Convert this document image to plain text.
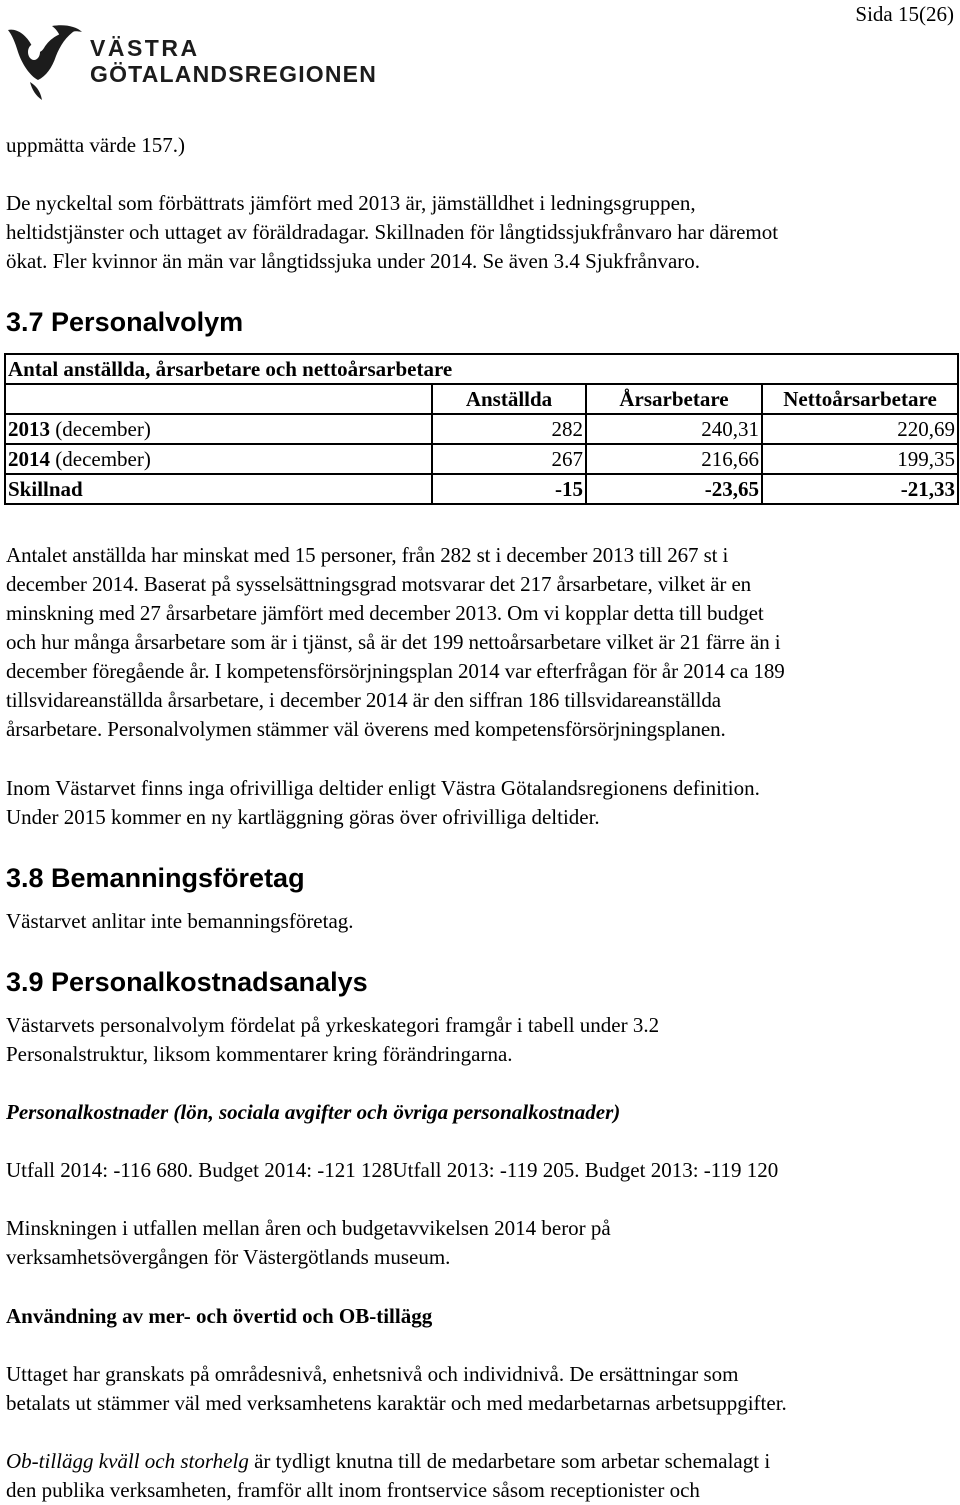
Sida 15(26)
VÄSTRA
GÖTALANDSREGIONEN

uppmätta värde 157.)

De nyckeltal som förbättrats jämfört med 2013 är, jämställdhet i ledningsgruppen,
heltidstjänster och uttaget av föräldradagar. Skillnaden för långtidssjukfrånvaro har däremot
ökat. Fler kvinnor än män var långtidssjuka under 2014. Se även 3.4 Sjukfrånvaro.
3.7 Personalvolym
Antal anställda, årsarbetare och nettoårsarbetare			
	Anställda	Årsarbetare	Nettoårsarbetare
2013 (december)	282	240,31	220,69
2014 (december)	267	216,66	199,35
Skillnad	-15	-23,65	-21,33
Antalet anställda har minskat med 15 personer, från 282 st i december 2013 till 267 st i
december 2014. Baserat på sysselsättningsgrad motsvarar det 217 årsarbetare, vilket är en
minskning med 27 årsarbetare jämfört med december 2013. Om vi kopplar detta till budget
och hur många årsarbetare som är i tjänst, så är det 199 nettoårsarbetare vilket är 21 färre än i
december föregående år. I kompetensförsörjningsplan 2014 var efterfrågan för år 2014 ca 189
tillsvidareanställda årsarbetare, i december 2014 är den siffran 186 tillsvidareanställda
årsarbetare. Personalvolymen stämmer väl överens med kompetensförsörjningsplanen.
Inom Västarvet finns inga ofrivilliga deltider enligt Västra Götalandsregionens definition.
Under 2015 kommer en ny kartläggning göras över ofrivilliga deltider.
3.8 Bemanningsföretag

Västarvet anlitar inte bemanningsföretag.

3.9 Personalkostnadsanalys
Västarvets personalvolym fördelat på yrkeskategori framgår i tabell under 3.2
Personalstruktur, liksom kommentarer kring förändringarna.

Personalkostnader (lön, sociala avgifter och övriga personalkostnader)

Utfall 2014: -116 680. Budget 2014: -121 128Utfall 2013: -119 205. Budget 2013: -119 120

Minskningen i utfallen mellan åren och budgetavvikelsen 2014 beror på
verksamhetsövergången för Västergötlands museum.

Användning av mer- och övertid och OB-tillägg

Uttaget har granskats på områdesnivå, enhetsnivå och individnivå. De ersättningar som
betalats ut stämmer väl med verksamhetens karaktär och med medarbetarnas arbetsuppgifter.
Ob-tillägg kväll och storhelg är tydligt knutna till de medarbetare som arbetar schemalagt i
den publika verksamheten, framför allt inom frontservice såsom receptionister och
